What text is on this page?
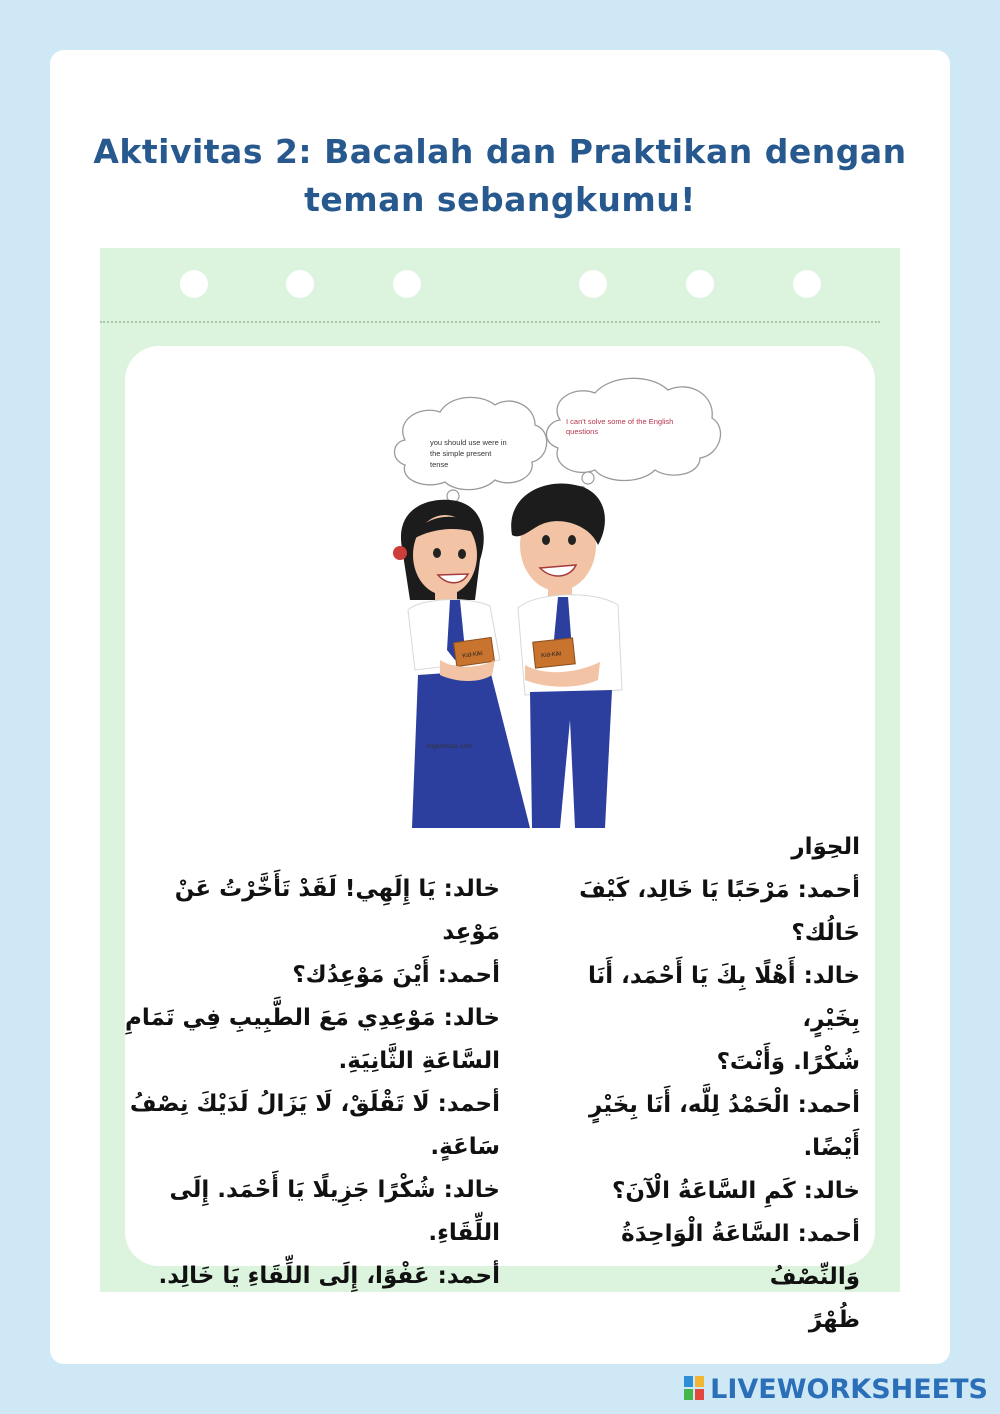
Aktivitas 2: Bacalah dan Praktikan dengan
teman sebangkumu!
you should use were in
the simple present
tense
I can't solve some of the English
questions
Kid-Kiki
englishclas.com
Kid-Kiki
الحِوَار
أحمد: مَرْحَبًا يَا خَالِد، كَيْفَ
حَالُك؟
خالد: أَهْلًا بِكَ يَا أَحْمَد، أَنَا بِخَيْرٍ،
شُكْرًا. وَأَنْتَ؟
أحمد: الْحَمْدُ لِلَّه، أَنَا بِخَيْرٍ أَيْضًا.
خالد: كَمِ السَّاعَةُ الْآنَ؟
أحمد: السَّاعَةُ الْوَاحِدَةُ وَالنِّصْفُ
ظُهْرً
خالد: يَا إِلَهِي! لَقَدْ تَأَخَّرْتُ عَنْ مَوْعِد
أحمد: أَيْنَ مَوْعِدُك؟
خالد: مَوْعِدِي مَعَ الطَّبِيبِ فِي تَمَامِ
السَّاعَةِ الثَّانِيَةِ.
أحمد: لَا تَقْلَقْ، لَا يَزَالُ لَدَيْكَ نِصْفُ
سَاعَةٍ.
خالد: شُكْرًا جَزِيلًا يَا أَحْمَد. إِلَى اللِّقَاءِ.
أحمد: عَفْوًا، إِلَى اللِّقَاءِ يَا خَالِد.
LIVEWORKSHEETS
